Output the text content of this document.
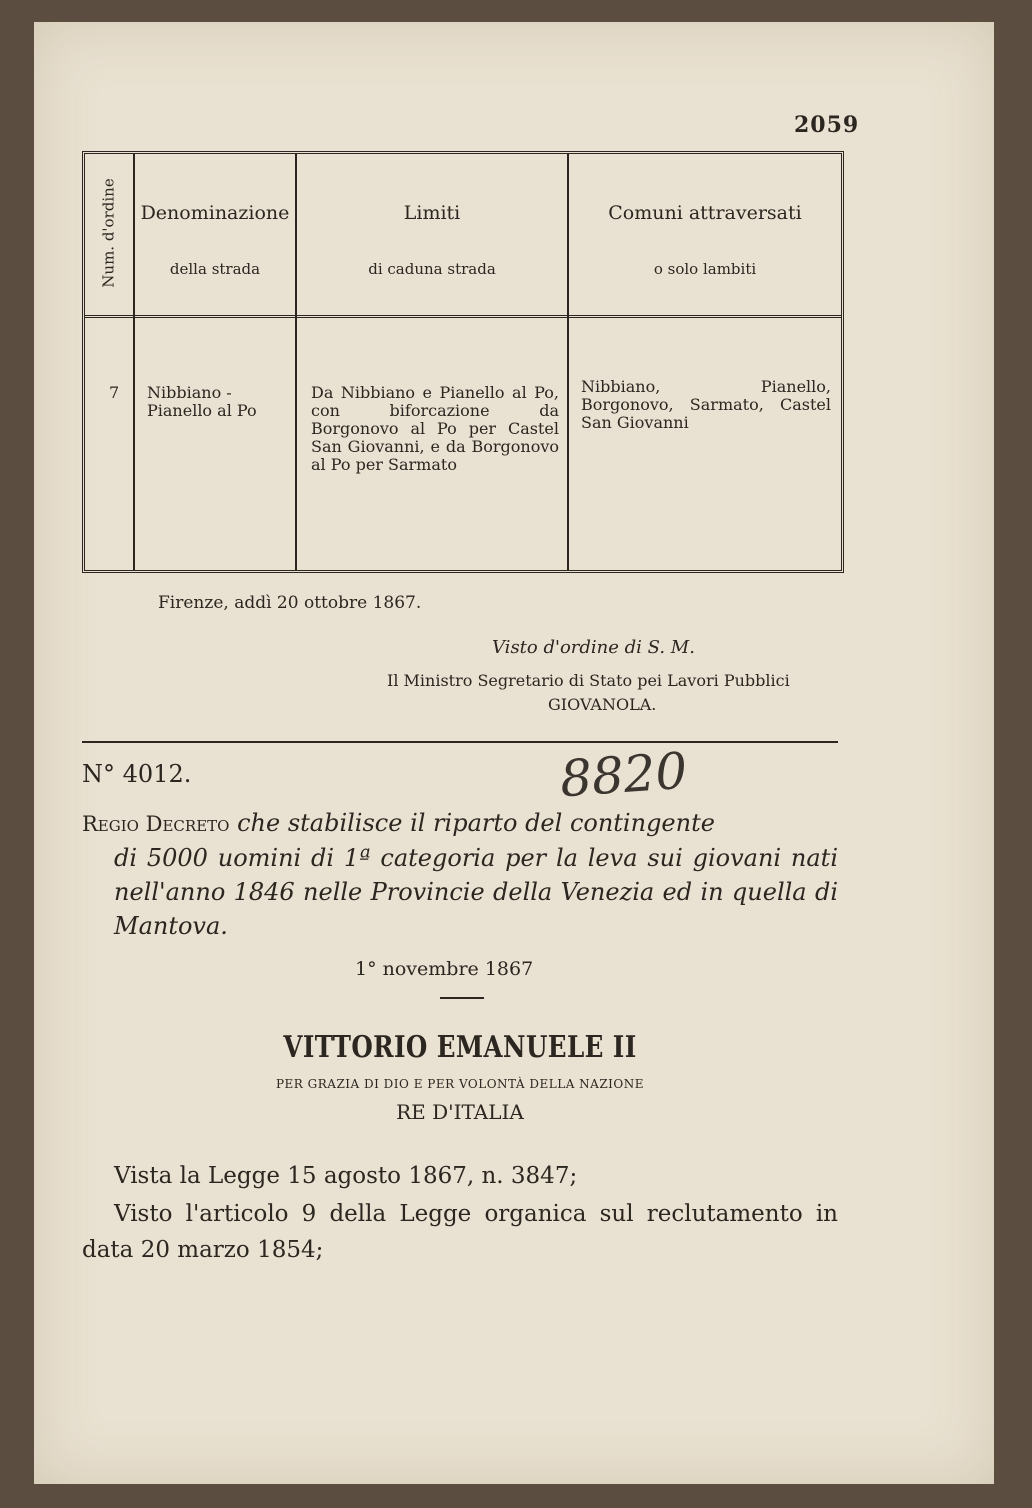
2059
Num. d'ordine Denominazione
della strada
Limiti
di caduna strada
Comuni attraversati
o solo lambiti
7 Nibbiano - Pianello al Po
Da Nibbiano e Pianello al Po, con biforcazione da Borgonovo al Po per Castel San Giovanni, e da Borgonovo al Po per Sarmato
Nibbiano, Pianello, Borgonovo, Sarmato, Castel San Giovanni
Firenze, addì 20 ottobre 1867.
Visto d'ordine di S. M.
Il Ministro Segretario di Stato pei Lavori Pubblici
GIOVANOLA.
N° 4012.	8820
Regio Decreto che stabilisce il riparto del contingente
di 5000 uomini di 1ª categoria per la leva sui giovani nati nell'anno 1846 nelle Provincie della Venezia ed in quella di Mantova.
1° novembre 1867
VITTORIO EMANUELE II
PER GRAZIA DI DIO E PER VOLONTÀ DELLA NAZIONE
RE D'ITALIA
Vista la Legge 15 agosto 1867, n. 3847;
Visto l'articolo 9 della Legge organica sul reclutamento in data 20 marzo 1854;
